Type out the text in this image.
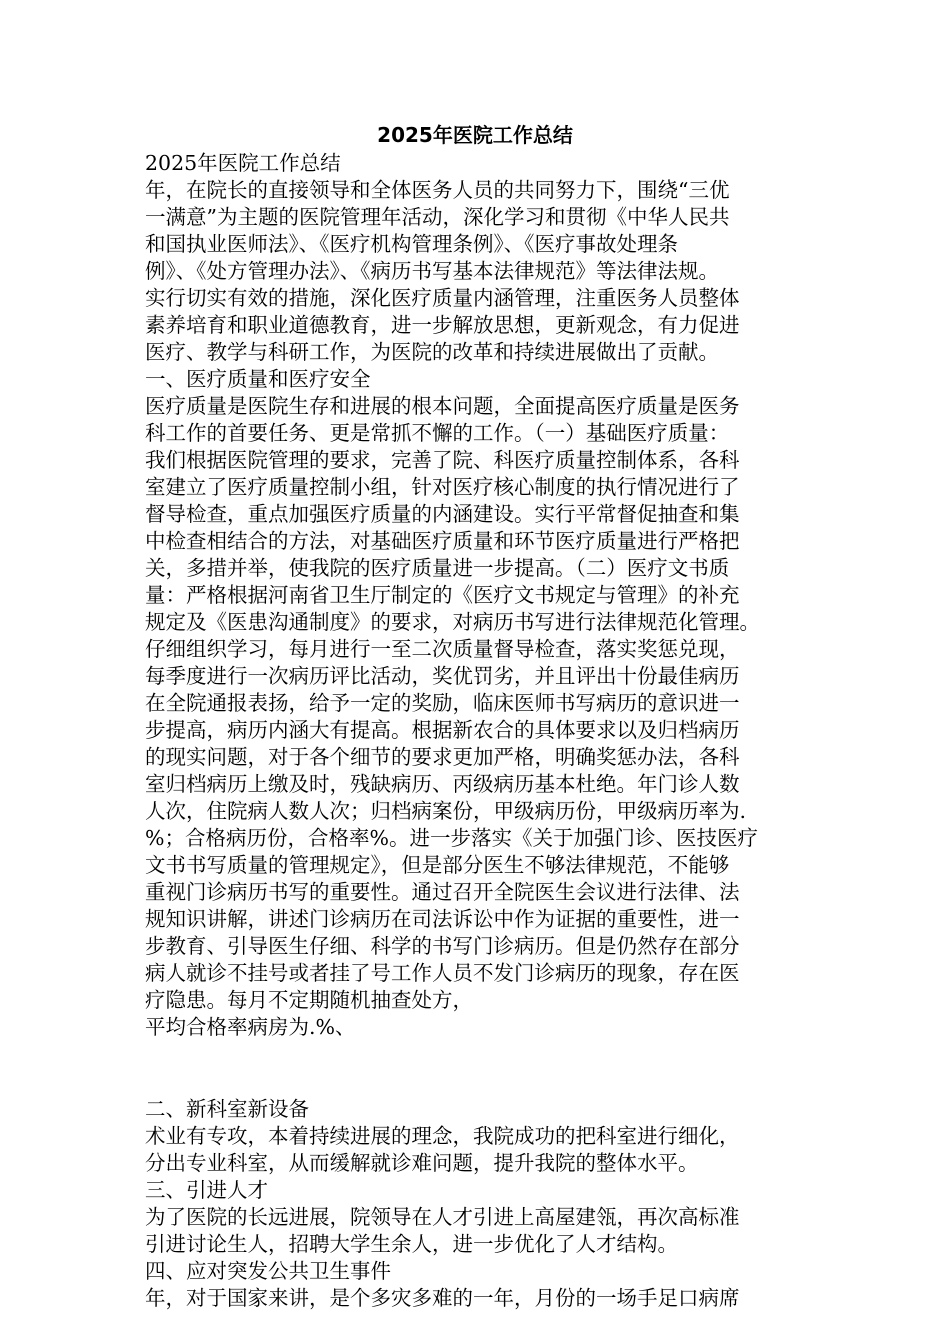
2025年医院工作总结
2025年医院工作总结
年，在院长的直接领导和全体医务人员的共同努力下，围绕“三优
一满意”为主题的医院管理年活动，深化学习和贯彻《中华人民共
和国执业医师法》、《医疗机构管理条例》、《医疗事故处理条
例》、《处方管理办法》、《病历书写基本法律规范》等法律法规。
实行切实有效的措施，深化医疗质量内涵管理，注重医务人员整体
素养培育和职业道德教育，进一步解放思想，更新观念，有力促进
医疗、教学与科研工作，为医院的改革和持续进展做出了贡献。
一、医疗质量和医疗安全
医疗质量是医院生存和进展的根本问题，全面提高医疗质量是医务
科工作的首要任务、更是常抓不懈的工作。（一）基础医疗质量：
我们根据医院管理的要求，完善了院、科医疗质量控制体系，各科
室建立了医疗质量控制小组，针对医疗核心制度的执行情况进行了
督导检查，重点加强医疗质量的内涵建设。实行平常督促抽查和集
中检查相结合的方法，对基础医疗质量和环节医疗质量进行严格把
关，多措并举，使我院的医疗质量进一步提高。（二）医疗文书质
量：严格根据河南省卫生厅制定的《医疗文书规定与管理》的补充
规定及《医患沟通制度》的要求，对病历书写进行法律规范化管理。
仔细组织学习，每月进行一至二次质量督导检查，落实奖惩兑现，
每季度进行一次病历评比活动，奖优罚劣，并且评出十份最佳病历
在全院通报表扬，给予一定的奖励，临床医师书写病历的意识进一
步提高，病历内涵大有提高。根据新农合的具体要求以及归档病历
的现实问题，对于各个细节的要求更加严格，明确奖惩办法，各科
室归档病历上缴及时，残缺病历、丙级病历基本杜绝。年门诊人数
人次，住院病人数人次；归档病案份，甲级病历份，甲级病历率为.
%；合格病历份，合格率%。进一步落实《关于加强门诊、医技医疗
文书书写质量的管理规定》，但是部分医生不够法律规范，不能够
重视门诊病历书写的重要性。通过召开全院医生会议进行法律、法
规知识讲解，讲述门诊病历在司法诉讼中作为证据的重要性，进一
步教育、引导医生仔细、科学的书写门诊病历。但是仍然存在部分
病人就诊不挂号或者挂了号工作人员不发门诊病历的现象，存在医
疗隐患。每月不定期随机抽查处方，
平均合格率病房为.%、
二、新科室新设备
术业有专攻，本着持续进展的理念，我院成功的把科室进行细化，
分出专业科室，从而缓解就诊难问题，提升我院的整体水平。
三、引进人才
为了医院的长远进展，院领导在人才引进上高屋建瓴，再次高标准
引进讨论生人，招聘大学生余人，进一步优化了人才结构。
四、应对突发公共卫生事件
年，对于国家来讲，是个多灾多难的一年，月份的一场手足口病席
